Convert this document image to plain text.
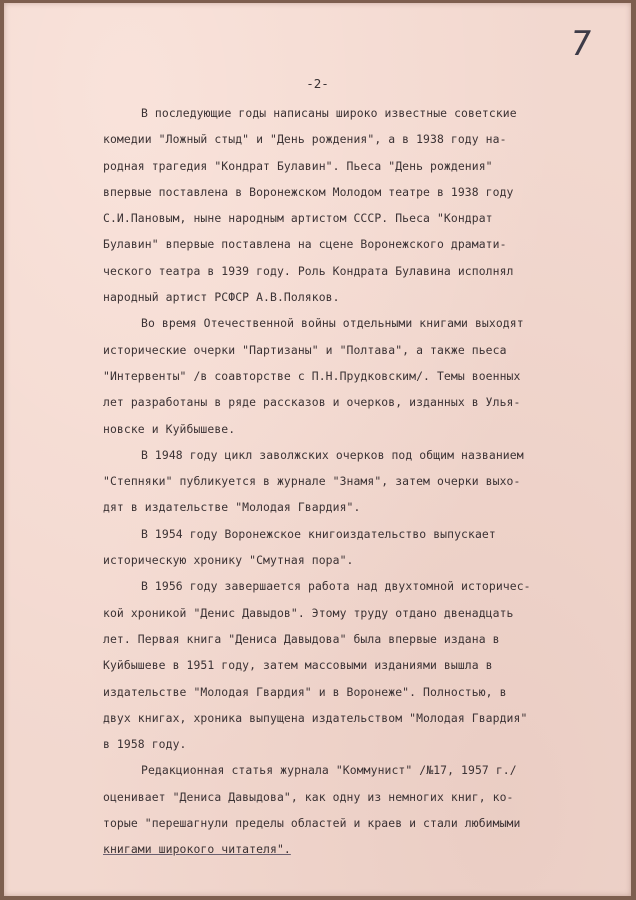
7
-2-
В последующие годы написаны широко известные советские
комедии "Ложный стыд" и "День рождения", а в 1938 году на-
родная трагедия "Кондрат Булавин". Пьеса "День рождения"
впервые поставлена в Воронежском Молодом театре в 1938 году
С.И.Пановым, ныне народным артистом СССР. Пьеса "Кондрат
Булавин" впервые поставлена на сцене Воронежского драмати-
ческого театра в 1939 году. Роль Кондрата Булавина исполнял
народный артист РСФСР А.В.Поляков.
Во время Отечественной войны отдельными книгами выходят
исторические очерки "Партизаны" и "Полтава", а также пьеса
"Интервенты" /в соавторстве с П.Н.Прудковским/. Темы военных
лет разработаны в ряде рассказов и очерков, изданных в Улья-
новске и Куйбышеве.
В 1948 году цикл заволжских очерков под общим названием
"Степняки" публикуется в журнале "Знамя", затем очерки выхо-
дят в издательстве "Молодая Гвардия".
В 1954 году Воронежское книгоиздательство выпускает
историческую хронику "Смутная пора".
В 1956 году завершается работа над двухтомной историчес-
кой хроникой "Денис Давыдов". Этому труду отдано двенадцать
лет. Первая книга "Дениса Давыдова" была впервые издана в
Куйбышеве в 1951 году, затем массовыми изданиями вышла в
издательстве "Молодая Гвардия" и в Воронеже". Полностью, в
двух книгах, хроника выпущена издательством "Молодая Гвардия"
в 1958 году.
Редакционная статья журнала "Коммунист" /№17, 1957 г./
оценивает "Дениса Давыдова", как одну из немногих книг, ко-
торые "перешагнули пределы областей и краев и стали любимыми
книгами широкого читателя".
